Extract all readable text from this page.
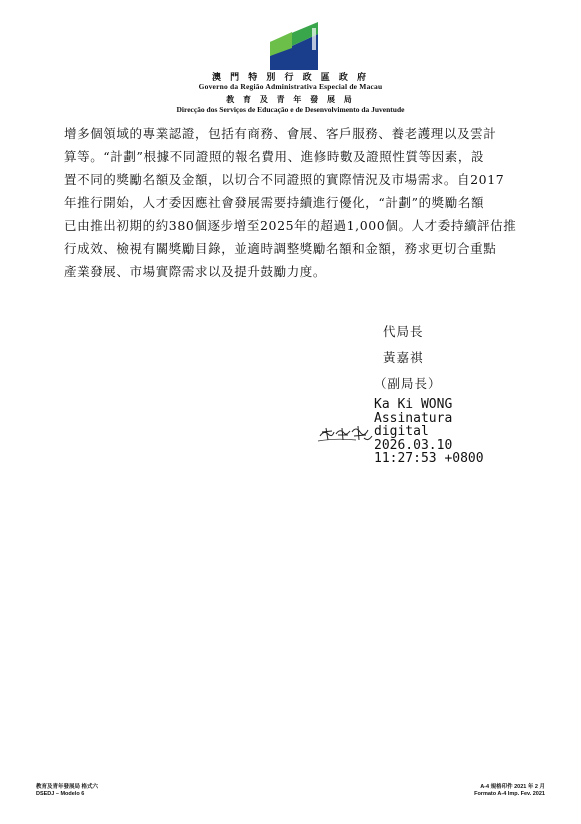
澳 門 特 別 行 政 區 政 府
Governo da Região Administrativa Especial de Macau
教 育 及 青 年 發 展 局
Direcção dos Serviços de Educação e de Desenvolvimento da Juventude
增多個領域的專業認證，包括有商務、會展、客戶服務、養老護理以及雲計
算等。“計劃”根據不同證照的報名費用、進修時數及證照性質等因素，設
置不同的獎勵名額及金額，以切合不同證照的實際情況及市場需求。自2017
年推行開始，人才委因應社會發展需要持續進行優化，“計劃”的獎勵名額
已由推出初期的約380個逐步增至2025年的超過1,000個。人才委持續評估推
行成效、檢視有關獎勵目錄，並適時調整獎勵名額和金額，務求更切合重點
產業發展、市場實際需求以及提升鼓勵力度。
代局長
黃嘉祺
（副局長）
Ka Ki WONG
Assinatura
digital
2026.03.10
11:27:53 +0800
教育及青年發展局 格式六
DSEDJ – Modelo 6
A-4 規格印件 2021 年 2 月
Formato A-4 Imp. Fev. 2021
